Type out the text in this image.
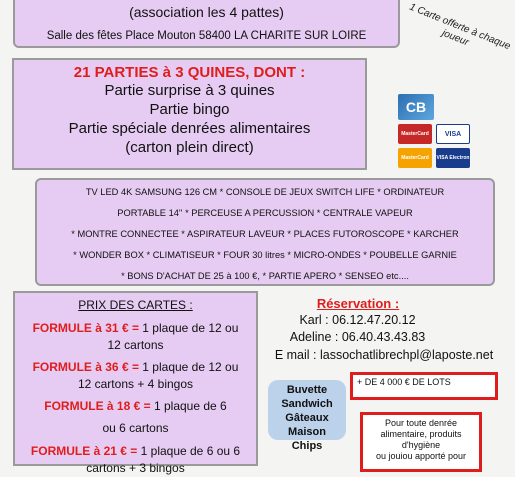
(association les 4 pattes)
Salle des fêtes Place Mouton 58400 LA CHARITE SUR LOIRE	1 Carte offerte à chaque joueur
21 PARTIES à 3 QUINES, DONT :
Partie surprise à 3 quines
Partie bingo
Partie spéciale denrées alimentaires
(carton plein direct)
CB
MasterCard	VISA
MasterCard	VISA Electron
TV LED 4K SAMSUNG 126 CM * CONSOLE DE JEUX SWITCH LIFE * ORDINATEUR
PORTABLE 14'' * PERCEUSE A PERCUSSION * CENTRALE VAPEUR
* MONTRE CONNECTEE * ASPIRATEUR LAVEUR * PLACES FUTOROSCOPE * KARCHER
* WONDER BOX * CLIMATISEUR * FOUR 30 litres * MICRO-ONDES * POUBELLE GARNIE
* BONS D'ACHAT DE 25 à 100 €, * PARTIE APERO * SENSEO etc....
PRIX DES CARTES :
FORMULE à 31 € = 1 plaque de 12 ou
12 cartons
FORMULE à 36 € = 1 plaque de 12 ou
12 cartons + 4 bingos
FORMULE à 18 € = 1 plaque de 6
ou 6 cartons
FORMULE à 21 € = 1 plaque de 6 ou 6
cartons + 3 bingos
Réservation :
Karl : 06.12.47.20.12
Adeline : 06.40.43.43.83
E mail : lassochatlibrechpl@laposte.net
Buvette
Sandwich
Gâteaux Maison
Chips
+ DE 4 000 € DE LOTS
Pour toute denrée
alimentaire, produits
d'hygiène
ou jouiou apporté pour
